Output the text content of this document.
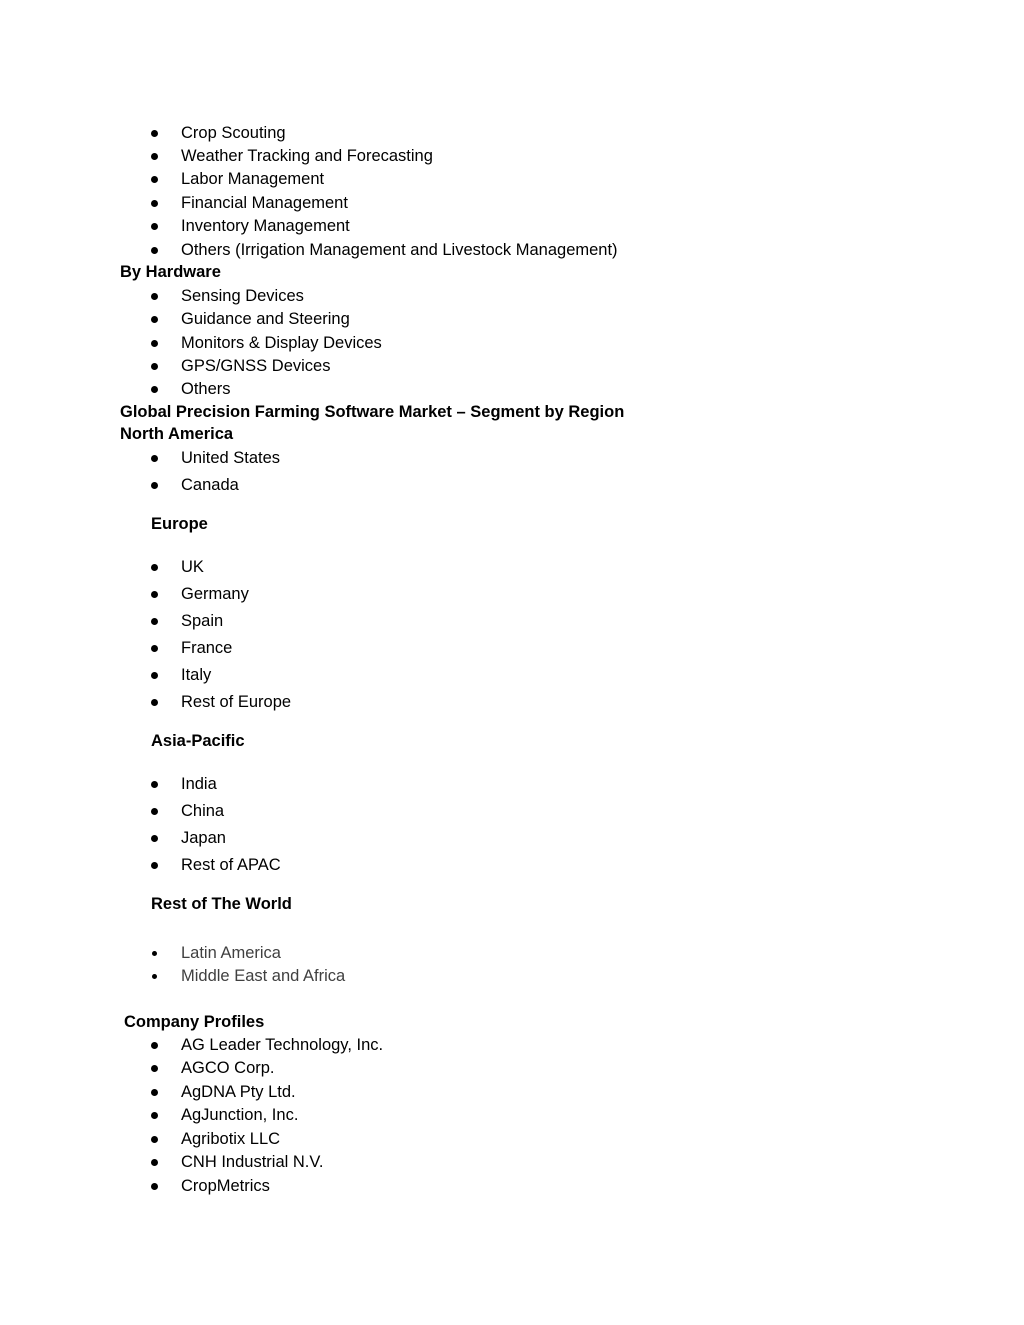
Crop Scouting
Weather Tracking and Forecasting
Labor Management
Financial Management
Inventory Management
Others (Irrigation Management and Livestock Management)
By Hardware
Sensing Devices
Guidance and Steering
Monitors & Display Devices
GPS/GNSS Devices
Others
Global Precision Farming Software Market – Segment by Region
North America
United States
Canada
Europe
UK
Germany
Spain
France
Italy
Rest of Europe
Asia-Pacific
India
China
Japan
Rest of APAC
Rest of The World
Latin America
Middle East and Africa
Company Profiles
AG Leader Technology, Inc.
AGCO Corp.
AgDNA Pty Ltd.
AgJunction, Inc.
Agribotix LLC
CNH Industrial N.V.
CropMetrics
